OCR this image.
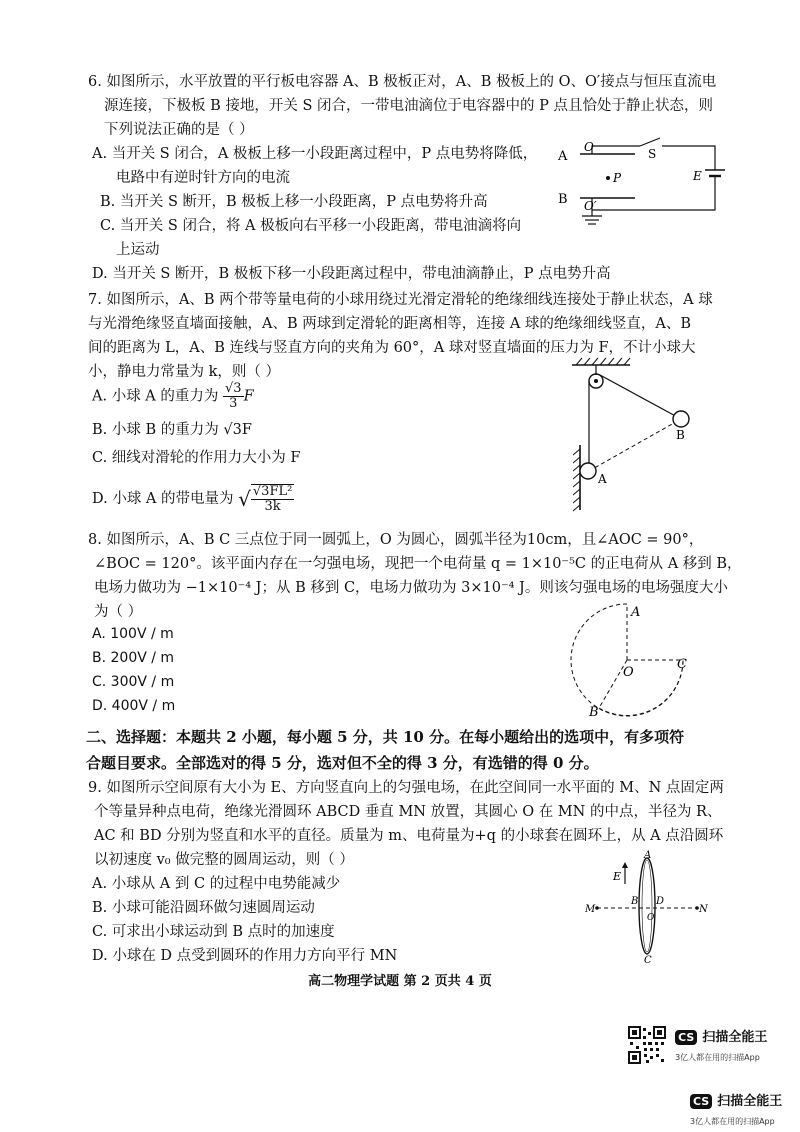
6. 如图所示，水平放置的平行板电容器 A、B 极板正对，A、B 极板上的 O、O′接点与恒压直流电
源连接，下极板 B 接地，开关 S 闭合，一带电油滴位于电容器中的 P 点且恰处于静止状态，则
下列说法正确的是（ ）
A. 当开关 S 闭合，A 极板上移一小段距离过程中，P 点电势将降低，
电路中有逆时针方向的电流
B. 当开关 S 断开，B 极板上移一小段距离，P 点电势将升高
C. 当开关 S 闭合，将 A 极板向右平移一小段距离，带电油滴将向
上运动
D. 当开关 S 断开，B 极板下移一小段距离过程中，带电油滴静止，P 点电势升高
A
B
O
O′
S
E
P
7. 如图所示，A、B 两个带等量电荷的小球用绕过光滑定滑轮的绝缘细线连接处于静止状态，A 球
与光滑绝缘竖直墙面接触，A、B 两球到定滑轮的距离相等，连接 A 球的绝缘细线竖直，A、B
间的距离为 L，A、B 连线与竖直方向的夹角为 60°，A 球对竖直墙面的压力为 F，不计小球大
小，静电力常量为 k，则（ ）
A. 小球 A 的重力为 $\frac{√3}{3}$ F
B. 小球 B 的重力为 √3F
C. 细线对滑轮的作用力大小为 F
D. 小球 A 的带电量为 √ $\frac{\text{√3FL²}}{3k}$
A
B
8. 如图所示，A、B C 三点位于同一圆弧上，O 为圆心，圆弧半径为10cm，且∠AOC = 90°，
∠BOC = 120°。该平面内存在一匀强电场，现把一个电荷量 q = 1×10⁻⁵C 的正电荷从 A 移到 B，
电场力做功为 −1×10⁻⁴ J；从 B 移到 C，电场力做功为 3×10⁻⁴ J。则该匀强电场的电场强度大小
为（ ）
A. 100V / m
B. 200V / m
C. 300V / m
D. 400V / m
A
C
O
B
二、选择题：本题共 2 小题，每小题 5 分，共 10 分。在每小题给出的选项中，有多项符
合题目要求。全部选对的得 5 分，选对但不全的得 3 分，有选错的得 0 分。
9. 如图所示空间原有大小为 E、方向竖直向上的匀强电场，在此空间同一水平面的 M、N 点固定两
个等量异种点电荷，绝缘光滑圆环 ABCD 垂直 MN 放置，其圆心 O 在 MN 的中点，半径为 R、
AC 和 BD 分别为竖直和水平的直径。质量为 m、电荷量为+q 的小球套在圆环上，从 A 点沿圆环
以初速度 v₀ 做完整的圆周运动，则（ ）
A. 小球从 A 到 C 的过程中电势能减少
B. 小球可能沿圆环做匀速圆周运动
C. 可求出小球运动到 B 点时的加速度
D. 小球在 D 点受到圆环的作用力方向平行 MN
E
M	N
A
C
B D
O
高二物理学试题 第 2 页共 4 页
CS 扫描全能王
3亿人都在用的扫描App
CS 扫描全能王
3亿人都在用的扫描App
